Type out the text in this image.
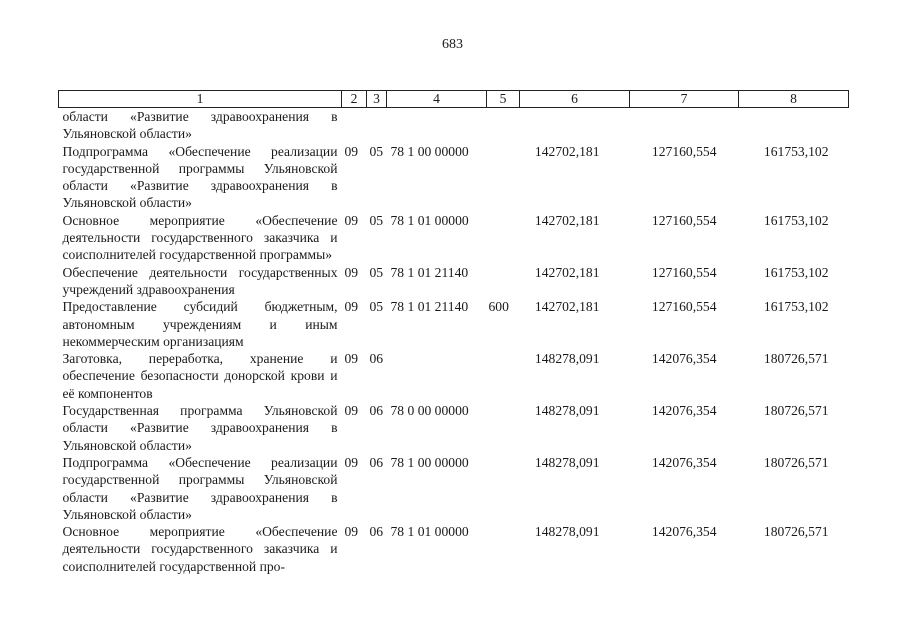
683
1	2	3	4	5	6	7	8
области «Развитие здравоохранения в Ульяновской области»							
Подпрограмма «Обеспечение реализации государственной программы Ульяновской области «Развитие здравоохранения в Ульяновской области»	09	05	78 1 00 00000		142702,181	127160,554	161753,102
Основное мероприятие «Обеспечение деятельности государственного заказчика и соисполнителей государственной программы»	09	05	78 1 01 00000		142702,181	127160,554	161753,102
Обеспечение деятельности государственных учреждений здравоохранения	09	05	78 1 01 21140		142702,181	127160,554	161753,102
Предоставление субсидий бюджетным, автономным учреждениям и иным некоммерческим организациям	09	05	78 1 01 21140	600	142702,181	127160,554	161753,102
Заготовка, переработка, хранение и обеспечение безопасности донорской крови и её компонентов	09	06			148278,091	142076,354	180726,571
Государственная программа Ульяновской области «Развитие здравоохранения в Ульяновской области»	09	06	78 0 00 00000		148278,091	142076,354	180726,571
Подпрограмма «Обеспечение реализации государственной программы Ульяновской области «Развитие здравоохранения в Ульяновской области»	09	06	78 1 00 00000		148278,091	142076,354	180726,571
Основное мероприятие «Обеспечение деятельности государственного заказчика и соисполнителей государственной про-	09	06	78 1 01 00000		148278,091	142076,354	180726,571
